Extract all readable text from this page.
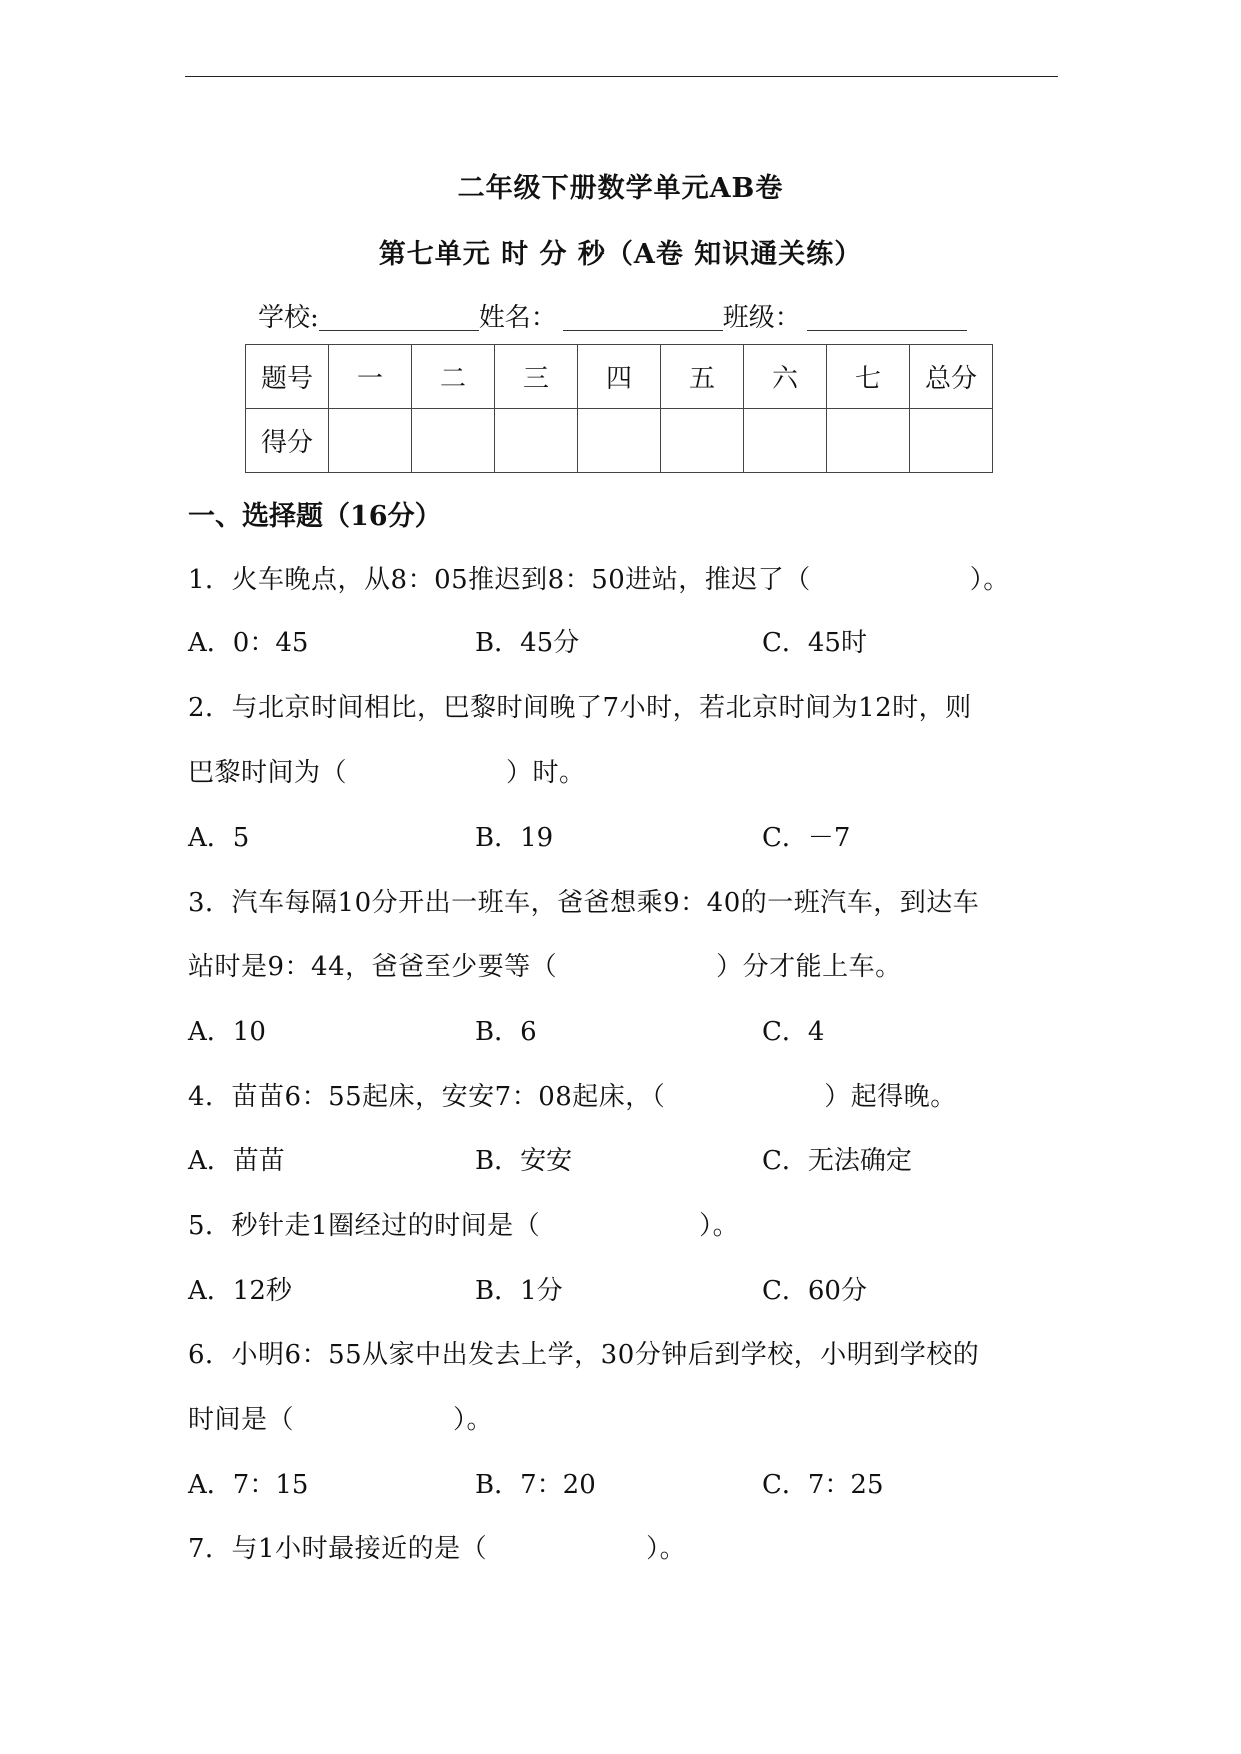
二年级下册数学单元AB卷
第七单元 时 分 秒（A卷 知识通关练）
学校:	姓名：	班级：
题号	一	二	三	四	五	六	七	总分
得分								
一、选择题（16分）
1．火车晚点，从8：05推迟到8：50进站，推迟了（　　　　　　）。
A．0：45	B．45分	C．45时
2．与北京时间相比，巴黎时间晚了7小时，若北京时间为12时，则
巴黎时间为（　　　　　　）时。
A．5	B．19	C．－7
3．汽车每隔10分开出一班车，爸爸想乘9：40的一班汽车，到达车
站时是9：44，爸爸至少要等（　　　　　　）分才能上车。
A．10	B．6	C．4
4．苗苗6：55起床，安安7：08起床，（　　　　　　）起得晚。
A．苗苗	B．安安	C．无法确定
5．秒针走1圈经过的时间是（　　　　　　）。
A．12秒	B．1分	C．60分
6．小明6：55从家中出发去上学，30分钟后到学校，小明到学校的
时间是（　　　　　　）。
A．7：15	B．7：20	C．7：25
7．与1小时最接近的是（　　　　　　）。
